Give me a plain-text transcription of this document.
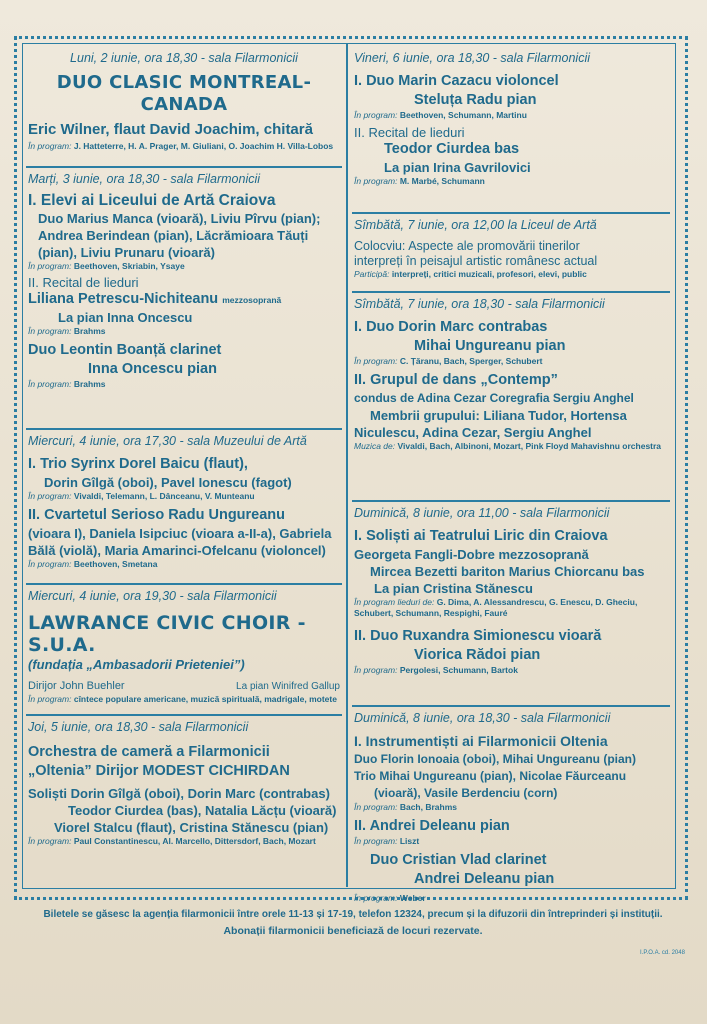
Luni, 2 iunie, ora 18,30 - sala Filarmonicii
DUO CLASIC MONTREAL-CANADA
Eric Wilner, flaut David Joachim, chitară
În program: J. Hatteterre, H. A. Prager, M. Giuliani, O. Joachim H. Villa-Lobos
Marți, 3 iunie, ora 18,30 - sala Filarmonicii
I. Elevi ai Liceului de Artă Craiova
Duo Marius Manca (vioară), Liviu Pîrvu (pian);
Andrea Berindean (pian), Lăcrămioara Tăuți
(pian), Liviu Prunaru (vioară)
În program: Beethoven, Skriabin, Ysaye
II. Recital de lieduri
Liliana Petrescu-Nichiteanu mezzosoprană
La pian Inna Oncescu
În program: Brahms
Duo Leontin Boanță clarinet
Inna Oncescu pian
În program: Brahms
Miercuri, 4 iunie, ora 17,30 - sala Muzeului de Artă
I. Trio Syrinx Dorel Baicu (flaut),
Dorin Gîlgă (oboi), Pavel Ionescu (fagot)
În program: Vivaldi, Telemann, L. Dânceanu, V. Munteanu
II. Cvartetul Serioso Radu Ungureanu
(vioara I), Daniela Isipciuc (vioara a-II-a), Gabriela
Bălă (violă), Maria Amarinci-Ofelcanu (violoncel)
În program: Beethoven, Smetana
Miercuri, 4 iunie, ora 19,30 - sala Filarmonicii
LAWRANCE CIVIC CHOIR - S.U.A.
(fundația „Ambasadorii Prieteniei”)
Dirijor John Buehler	La pian Winifred Gallup
În program: cîntece populare americane, muzică spirituală, madrigale, motete
Joi, 5 iunie, ora 18,30 - sala Filarmonicii
Orchestra de cameră a Filarmonicii
„Oltenia” Dirijor MODEST CICHIRDAN
Soliști Dorin Gîlgă (oboi), Dorin Marc (contrabas)
Teodor Ciurdea (bas), Natalia Lăcțu (vioară)
Viorel Stalcu (flaut), Cristina Stănescu (pian)
În program: Paul Constantinescu, Al. Marcello, Dittersdorf, Bach, Mozart
Vineri, 6 iunie, ora 18,30 - sala Filarmonicii
I. Duo Marin Cazacu violoncel
Steluța Radu pian
În program: Beethoven, Schumann, Martinu
II. Recital de lieduri
Teodor Ciurdea bas
La pian Irina Gavrilovici
În program: M. Marbé, Schumann
Sîmbătă, 7 iunie, ora 12,00 la Liceul de Artă
Colocviu: Aspecte ale promovării tinerilor
interpreți în peisajul artistic românesc actual
Participă: interpreți, critici muzicali, profesori, elevi, public
Sîmbătă, 7 iunie, ora 18,30 - sala Filarmonicii
I. Duo Dorin Marc contrabas
Mihai Ungureanu pian
În program: C. Țăranu, Bach, Sperger, Schubert
II. Grupul de dans „Contemp”
condus de Adina Cezar Coregrafia Sergiu Anghel
Membrii grupului: Liliana Tudor, Hortensa
Niculescu, Adina Cezar, Sergiu Anghel
Muzica de: Vivaldi, Bach, Albinoni, Mozart, Pink Floyd Mahavishnu orchestra
Duminică, 8 iunie, ora 11,00 - sala Filarmonicii
I. Soliști ai Teatrului Liric din Craiova
Georgeta Fangli-Dobre mezzosoprană
Mircea Bezetti bariton Marius Chiorcanu bas
La pian Cristina Stănescu
În program lieduri de: G. Dima, A. Alessandrescu, G. Enescu, D. Gheciu, Schubert, Schumann, Respighi, Fauré
II. Duo Ruxandra Simionescu vioară
Viorica Rădoi pian
În program: Pergolesi, Schumann, Bartok
Duminică, 8 iunie, ora 18,30 - sala Filarmonicii
I. Instrumentiști ai Filarmonicii Oltenia
Duo Florin Ionoaia (oboi), Mihai Ungureanu (pian)
Trio Mihai Ungureanu (pian), Nicolae Făurceanu
(vioară), Vasile Berdenciu (corn)
În program: Bach, Brahms
II. Andrei Deleanu pian
În program: Liszt
Duo Cristian Vlad clarinet
Andrei Deleanu pian
În program: Weber
Biletele se găsesc la agenția filarmonicii între orele 11-13 și 17-19, telefon 12324, precum și la difuzorii din întreprinderi și instituții.
Abonații filarmonicii beneficiază de locuri rezervate.
I.P.O.A. cd. 2048
